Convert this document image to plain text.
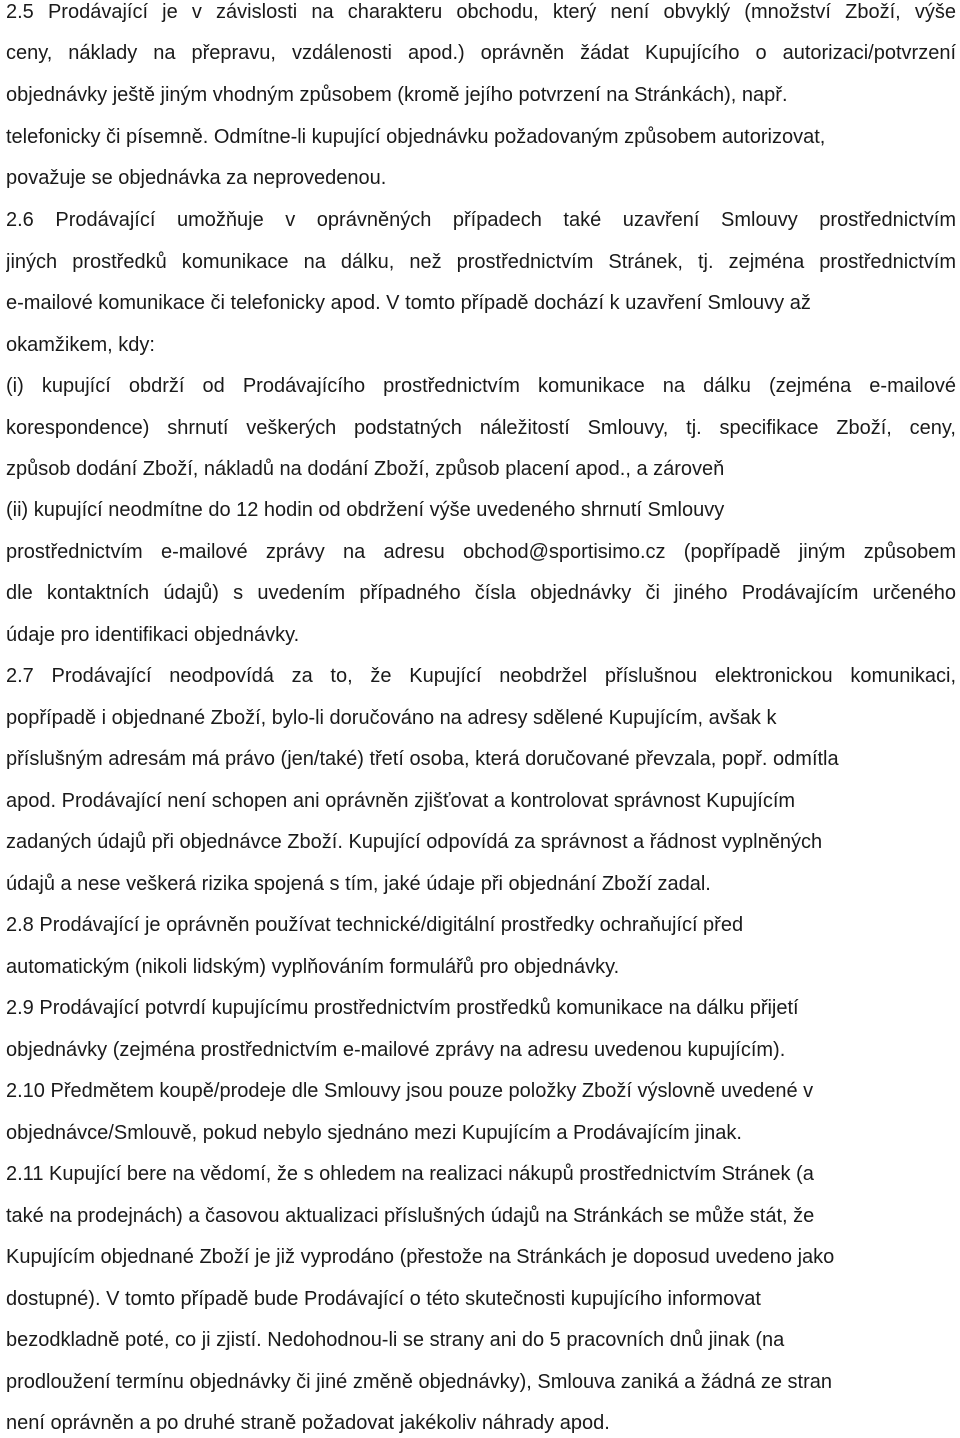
2.5 Prodávající je v závislosti na charakteru obchodu, který není obvyklý (množství Zboží, výše
ceny, náklady na přepravu, vzdálenosti apod.) oprávněn žádat Kupujícího o autorizaci/potvrzení
objednávky ještě jiným vhodným způsobem (kromě jejího potvrzení na Stránkách), např.
telefonicky či písemně. Odmítne-li kupující objednávku požadovaným způsobem autorizovat,
považuje se objednávka za neprovedenou.
2.6 Prodávající umožňuje v oprávněných případech také uzavření Smlouvy prostřednictvím
jiných prostředků komunikace na dálku, než prostřednictvím Stránek, tj. zejména prostřednictvím
e-mailové komunikace či telefonicky apod. V tomto případě dochází k uzavření Smlouvy až
okamžikem, kdy:
(i) kupující obdrží od Prodávajícího prostřednictvím komunikace na dálku (zejména e-mailové
korespondence) shrnutí veškerých podstatných náležitostí Smlouvy, tj. specifikace Zboží, ceny,
způsob dodání Zboží, nákladů na dodání Zboží, způsob placení apod., a zároveň
(ii) kupující neodmítne do 12 hodin od obdržení výše uvedeného shrnutí Smlouvy
prostřednictvím e-mailové zprávy na adresu obchod@sportisimo.cz (popřípadě jiným způsobem
dle kontaktních údajů) s uvedením případného čísla objednávky či jiného Prodávajícím určeného
údaje pro identifikaci objednávky.
2.7 Prodávající neodpovídá za to, že Kupující neobdržel příslušnou elektronickou komunikaci,
popřípadě i objednané Zboží, bylo-li doručováno na adresy sdělené Kupujícím, avšak k
příslušným adresám má právo (jen/také) třetí osoba, která doručované převzala, popř. odmítla
apod. Prodávající není schopen ani oprávněn zjišťovat a kontrolovat správnost Kupujícím
zadaných údajů při objednávce Zboží. Kupující odpovídá za správnost a řádnost vyplněných
údajů a nese veškerá rizika spojená s tím, jaké údaje při objednání Zboží zadal.
2.8 Prodávající je oprávněn používat technické/digitální prostředky ochraňující před
automatickým (nikoli lidským) vyplňováním formulářů pro objednávky.
2.9 Prodávající potvrdí kupujícímu prostřednictvím prostředků komunikace na dálku přijetí
objednávky (zejména prostřednictvím e-mailové zprávy na adresu uvedenou kupujícím).
2.10 Předmětem koupě/prodeje dle Smlouvy jsou pouze položky Zboží výslovně uvedené v
objednávce/Smlouvě, pokud nebylo sjednáno mezi Kupujícím a Prodávajícím jinak.
2.11 Kupující bere na vědomí, že s ohledem na realizaci nákupů prostřednictvím Stránek (a
také na prodejnách) a časovou aktualizaci příslušných údajů na Stránkách se může stát, že
Kupujícím objednané Zboží je již vyprodáno (přestože na Stránkách je doposud uvedeno jako
dostupné). V tomto případě bude Prodávající o této skutečnosti kupujícího informovat
bezodkladně poté, co ji zjistí. Nedohodnou-li se strany ani do 5 pracovních dnů jinak (na
prodloužení termínu objednávky či jiné změně objednávky), Smlouva zaniká a žádná ze stran
není oprávněn a po druhé straně požadovat jakékoliv náhrady apod.
